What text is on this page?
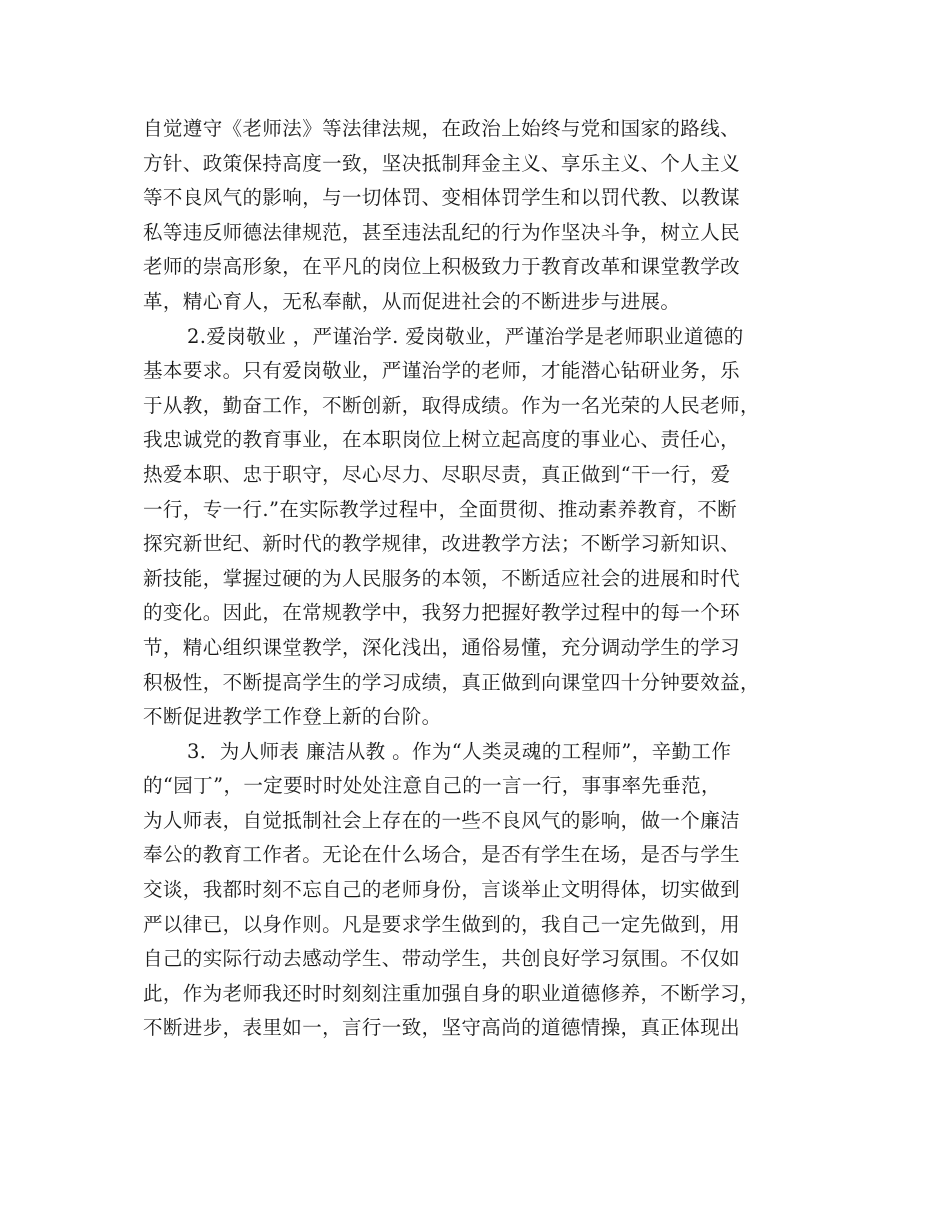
自觉遵守《老师法》等法律法规，在政治上始终与党和国家的路线、
方针、政策保持高度一致，坚决抵制拜金主义、享乐主义、个人主义
等不良风气的影响，与一切体罚、变相体罚学生和以罚代教、以教谋
私等违反师德法律规范，甚至违法乱纪的行为作坚决斗争，树立人民
老师的崇高形象，在平凡的岗位上积极致力于教育改革和课堂教学改
革，精心育人，无私奉献，从而促进社会的不断进步与进展。
2.爱岗敬业 ，严谨治学. 爱岗敬业，严谨治学是老师职业道德的
基本要求。只有爱岗敬业，严谨治学的老师，才能潜心钻研业务，乐
于从教，勤奋工作，不断创新，取得成绩。作为一名光荣的人民老师，
我忠诚党的教育事业，在本职岗位上树立起高度的事业心、责任心，
热爱本职、忠于职守，尽心尽力、尽职尽责，真正做到“干一行，爱
一行，专一行.”在实际教学过程中，全面贯彻、推动素养教育，不断
探究新世纪、新时代的教学规律，改进教学方法；不断学习新知识、
新技能，掌握过硬的为人民服务的本领，不断适应社会的进展和时代
的变化。因此，在常规教学中，我努力把握好教学过程中的每一个环
节，精心组织课堂教学，深化浅出，通俗易懂，充分调动学生的学习
积极性，不断提高学生的学习成绩，真正做到向课堂四十分钟要效益，
不断促进教学工作登上新的台阶。
3．为人师表 廉洁从教 。作为“人类灵魂的工程师”，辛勤工作
的“园丁”，一定要时时处处注意自己的一言一行，事事率先垂范，
为人师表，自觉抵制社会上存在的一些不良风气的影响，做一个廉洁
奉公的教育工作者。无论在什么场合，是否有学生在场，是否与学生
交谈，我都时刻不忘自己的老师身份，言谈举止文明得体，切实做到
严以律已，以身作则。凡是要求学生做到的，我自己一定先做到，用
自己的实际行动去感动学生、带动学生，共创良好学习氛围。不仅如
此，作为老师我还时时刻刻注重加强自身的职业道德修养，不断学习，
不断进步，表里如一，言行一致，坚守高尚的道德情操，真正体现出
